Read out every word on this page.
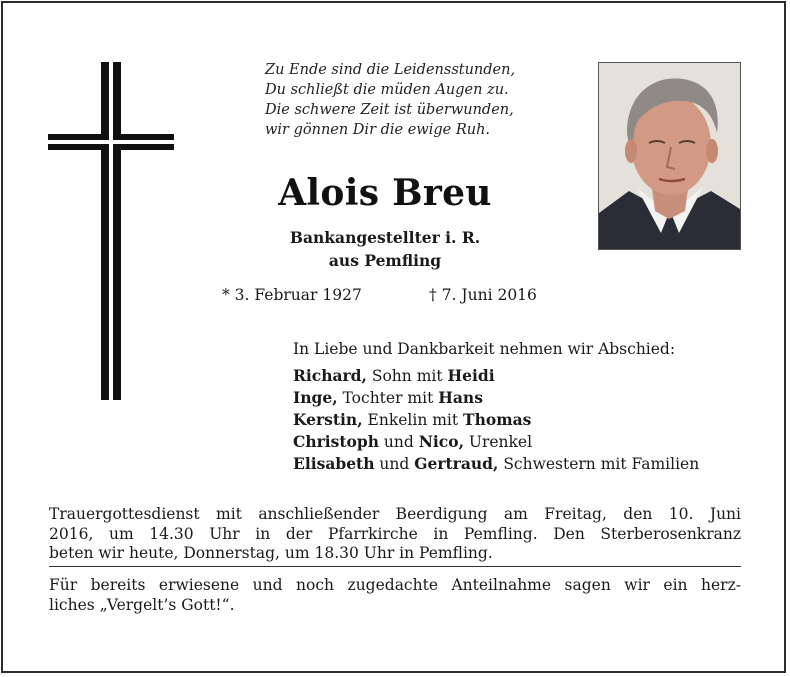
Zu Ende sind die Leidensstunden,
Du schließt die müden Augen zu.
Die schwere Zeit ist überwunden,
wir gönnen Dir die ewige Ruh.
Alois Breu
Bankangestellter i. R.
aus Pemfling
* 3. Februar 1927	† 7. Juni 2016
In Liebe und Dankbarkeit nehmen wir Abschied:
Richard, Sohn mit Heidi
Inge, Tochter mit Hans
Kerstin, Enkelin mit Thomas
Christoph und Nico, Urenkel
Elisabeth und Gertraud, Schwestern mit Familien
Trauergottesdienst mit anschließender Beerdigung am Freitag, den 10. Juni
2016, um 14.30 Uhr in der Pfarrkirche in Pemfling. Den Sterberosenkranz
beten wir heute, Donnerstag, um 18.30 Uhr in Pemfling.
Für bereits erwiesene und noch zugedachte Anteilnahme sagen wir ein herz-
liches „Vergelt’s Gott!“.
